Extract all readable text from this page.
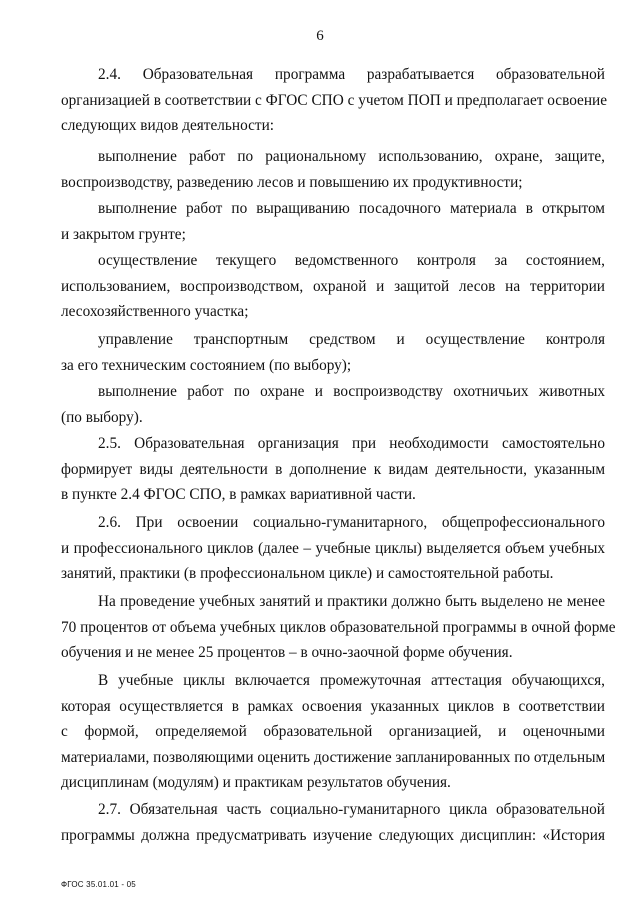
6
2.4. Образовательная программа разрабатывается образовательной
организацией в соответствии с ФГОС СПО с учетом ПОП и предполагает освоение
следующих видов деятельности:
выполнение работ по рациональному использованию, охране, защите,
воспроизводству, разведению лесов и повышению их продуктивности;
выполнение работ по выращиванию посадочного материала в открытом
и закрытом грунте;
осуществление текущего ведомственного контроля за состоянием,
использованием, воспроизводством, охраной и защитой лесов на территории
лесохозяйственного участка;
управление транспортным средством и осуществление контроля
за его техническим состоянием (по выбору);
выполнение работ по охране и воспроизводству охотничьих животных
(по выбору).
2.5. Образовательная организация при необходимости самостоятельно
формирует виды деятельности в дополнение к видам деятельности, указанным
в пункте 2.4 ФГОС СПО, в рамках вариативной части.
2.6. При освоении социально-гуманитарного, общепрофессионального
и профессионального циклов (далее – учебные циклы) выделяется объем учебных
занятий, практики (в профессиональном цикле) и самостоятельной работы.
На проведение учебных занятий и практики должно быть выделено не менее
70 процентов от объема учебных циклов образовательной программы в очной форме
обучения и не менее 25 процентов – в очно-заочной форме обучения.
В учебные циклы включается промежуточная аттестация обучающихся,
которая осуществляется в рамках освоения указанных циклов в соответствии
с формой, определяемой образовательной организацией, и оценочными
материалами, позволяющими оценить достижение запланированных по отдельным
дисциплинам (модулям) и практикам результатов обучения.
2.7. Обязательная часть социально-гуманитарного цикла образовательной
программы должна предусматривать изучение следующих дисциплин: «История
ФГОС 35.01.01 - 05
